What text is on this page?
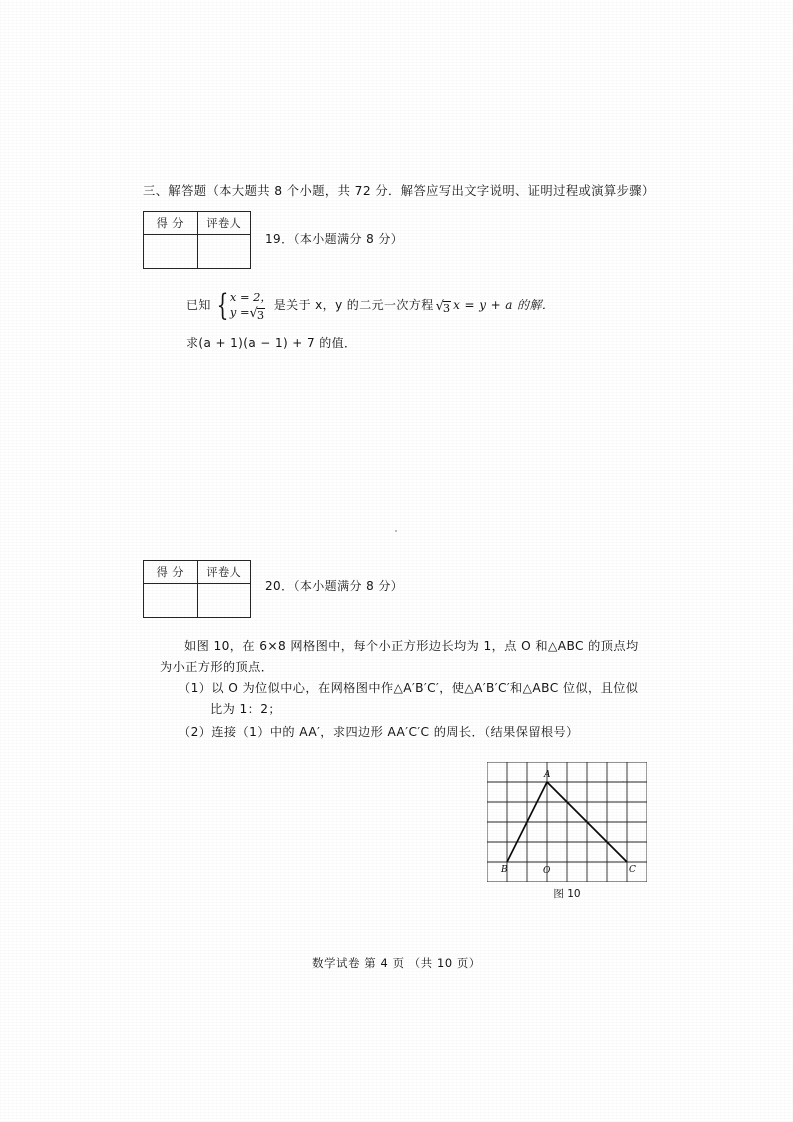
三、解答题（本大题共 8 个小题，共 72 分．解答应写出文字说明、证明过程或演算步骤）
得 分	评卷人

19．（本小题满分 8 分）
已知 { x = 2，
y = √ 3
是关于 x，y 的二元一次方程 √ 3 x = y + a 的解．
求(a + 1)(a − 1) + 7 的值．
得 分	评卷人

20．（本小题满分 8 分）
如图 10，在 6×8 网格图中，每个小正方形边长均为 1，点 O 和△ABC 的顶点均为小正方形的顶点．
（1）以 O 为位似中心，在网格图中作△A′B′C′，使△A′B′C′和△ABC 位似，且位似
比为 1：2；
（2）连接（1）中的 AA′，求四边形 AA′C′C 的周长．（结果保留根号）
B
A
C
O
图 10
数学试卷 第 4 页 （共 10 页）
